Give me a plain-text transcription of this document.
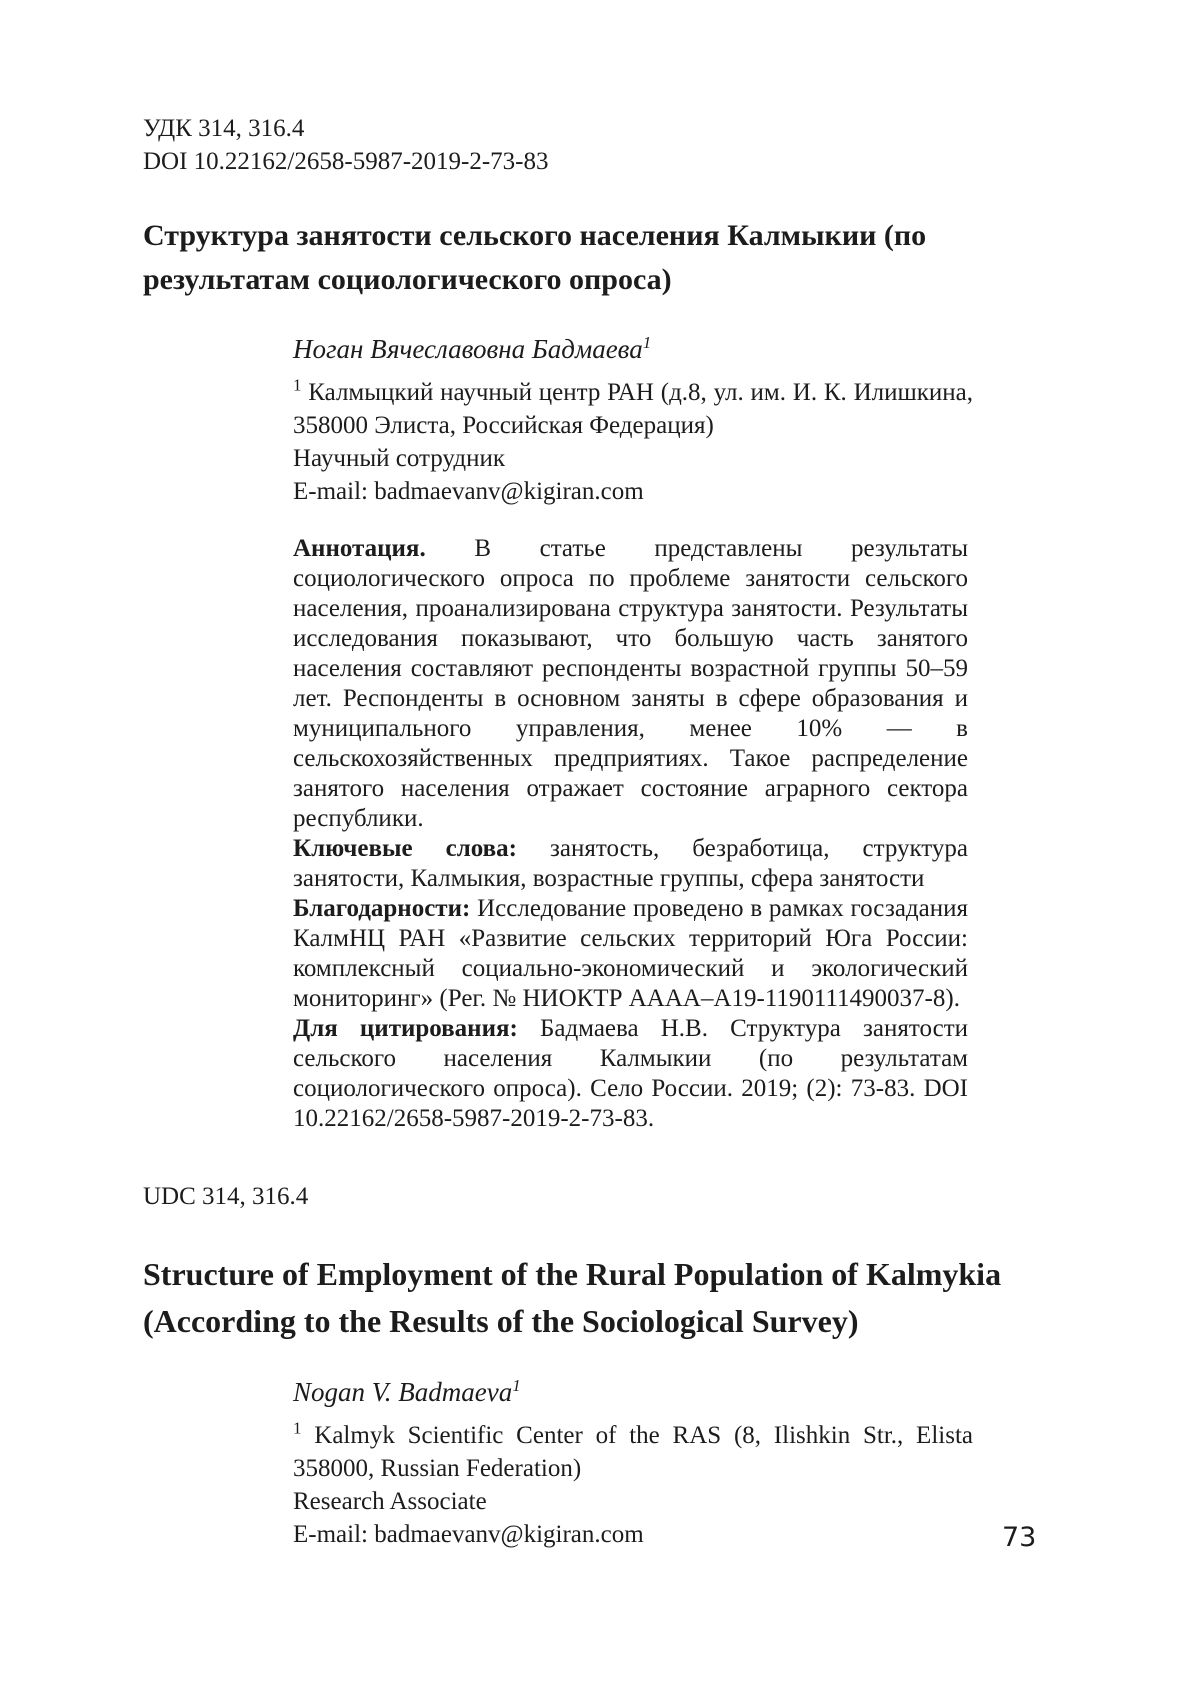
УДК 314, 316.4

DOI 10.22162/2658-5987-2019-2-73-83

Структура занятости сельского населения Калмыкии (по результатам социологического опроса)

Ноган Вячеславовна Бадмаева$^1$

$^1$ Калмыцкий научный центр РАН (д.8, ул. им. И. К. Илишкина, 358000 Элиста, Российская Федерация)

Научный сотрудник

E-mail: badmaevanv@kigiran.com

Аннотация. В статье представлены результаты социологического опроса по проблеме занятости сельского населения, проанализирована структура занятости. Результаты исследования показывают, что большую часть занятого населения составляют респонденты возрастной группы 50–59 лет. Респонденты в основном заняты в сфере образования и муниципального управления, менее 10% — в сельскохозяйственных предприятиях. Такое распределение занятого населения отражает состояние аграрного сектора республики.

Ключевые слова: занятость, безработица, структура занятости, Калмыкия, возрастные группы, сфера занятости

Благодарности: Исследование проведено в рамках госзадания КалмНЦ РАН «Развитие сельских территорий Юга России: комплексный социально-экономический и экологический мониторинг» (Рег. № НИОКТР АААА–А19-1190111490037-8).

Для цитирования: Бадмаева Н.В. Структура занятости сельского населения Калмыкии (по результатам социологического опроса). Село России. 2019; (2): 73-83. DOI 10.22162/2658-5987-2019-2-73-83.

UDC 314, 316.4

Structure of Employment of the Rural Population of Kalmykia (According to the Results of the Sociological Survey)

Nogan V. Badmaeva$^1$

$^1$ Kalmyk Scientific Center of the RAS (8, Ilishkin Str., Elista 358000, Russian Federation)

Research Associate

E-mail: badmaevanv@kigiran.com	73
